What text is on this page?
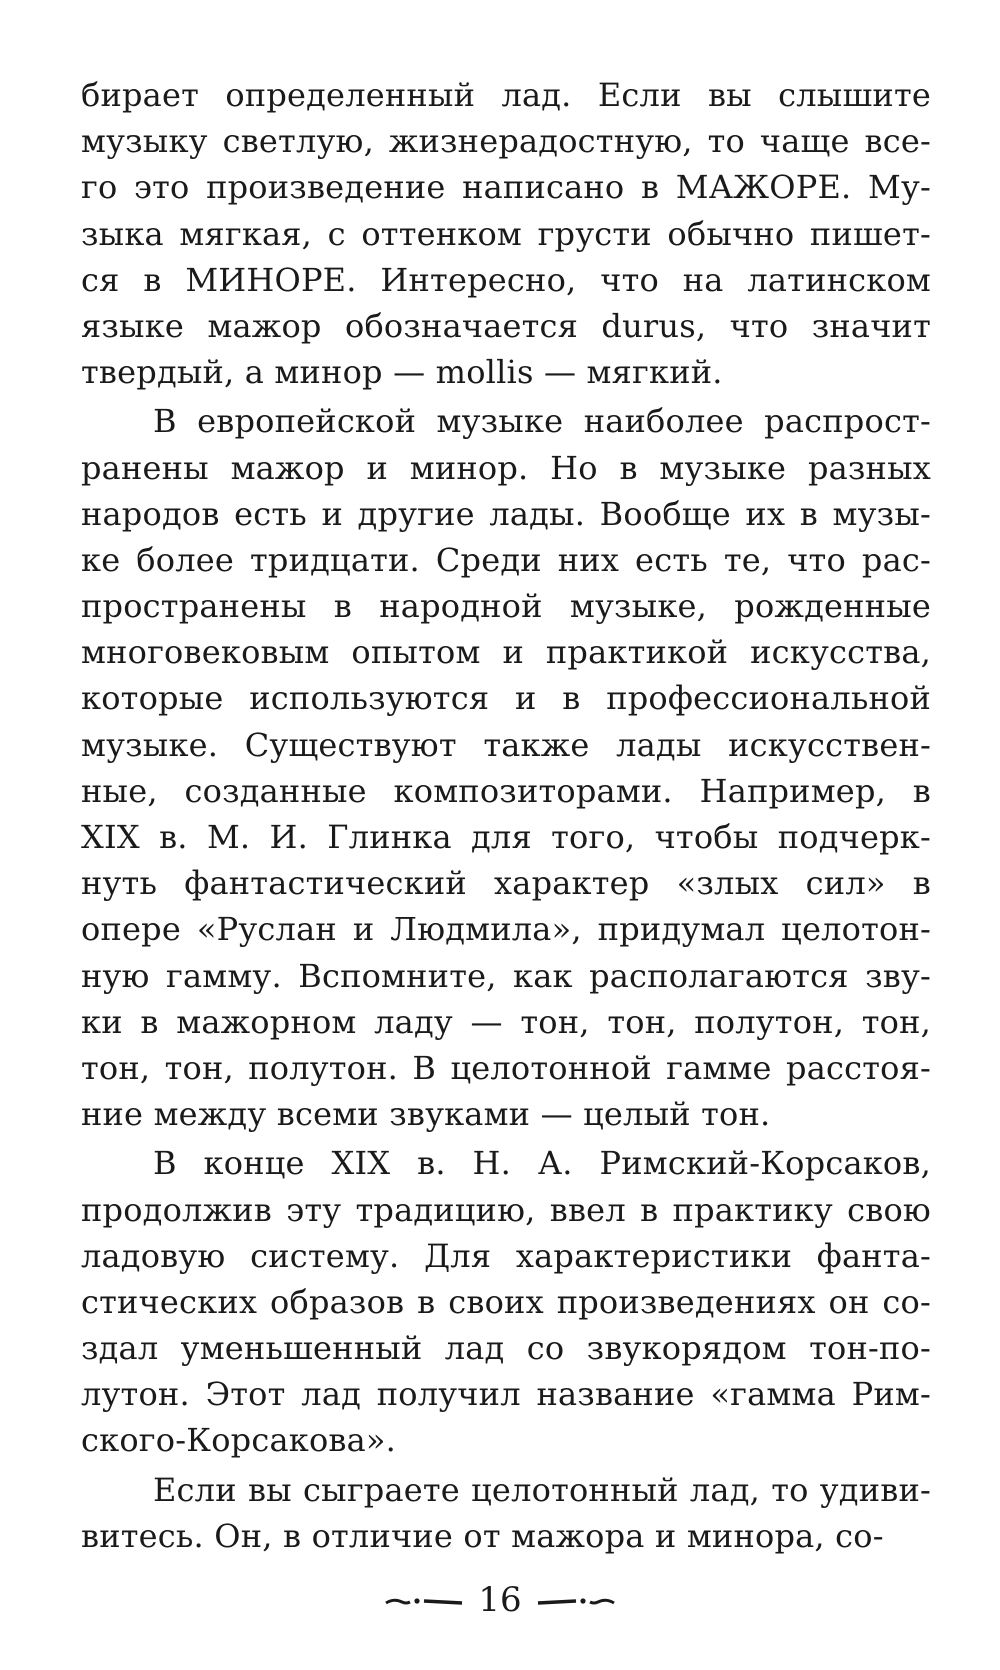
бирает определенный лад. Если вы слышите
музыку светлую, жизнерадостную, то чаще все-
го это произведение написано в МАЖОРЕ. Му-
зыка мягкая, с оттенком грусти обычно пишет-
ся в МИНОРЕ. Интересно, что на латинском
языке мажор обозначается durus, что значит
твердый, а минор — mollis — мягкий.
В европейской музыке наиболее распрост-
ранены мажор и минор. Но в музыке разных
народов есть и другие лады. Вообще их в музы-
ке более тридцати. Среди них есть те, что рас-
пространены в народной музыке, рожденные
многовековым опытом и практикой искусства,
которые используются и в профессиональной
музыке. Существуют также лады искусствен-
ные, созданные композиторами. Например, в
XIX в. М. И. Глинка для того, чтобы подчерк-
нуть фантастический характер «злых сил» в
опере «Руслан и Людмила», придумал целотон-
ную гамму. Вспомните, как располагаются зву-
ки в мажорном ладу — тон, тон, полутон, тон,
тон, тон, полутон. В целотонной гамме расстоя-
ние между всеми звуками — целый тон.
В конце XIX в. Н. А. Римский-Корсаков,
продолжив эту традицию, ввел в практику свою
ладовую систему. Для характеристики фанта-
стических образов в своих произведениях он со-
здал уменьшенный лад со звукорядом тон-по-
лутон. Этот лад получил название «гамма Рим-
ского-Корсакова».
Если вы сыграете целотонный лад, то удиви-
витесь. Он, в отличие от мажора и минора, со-
16
